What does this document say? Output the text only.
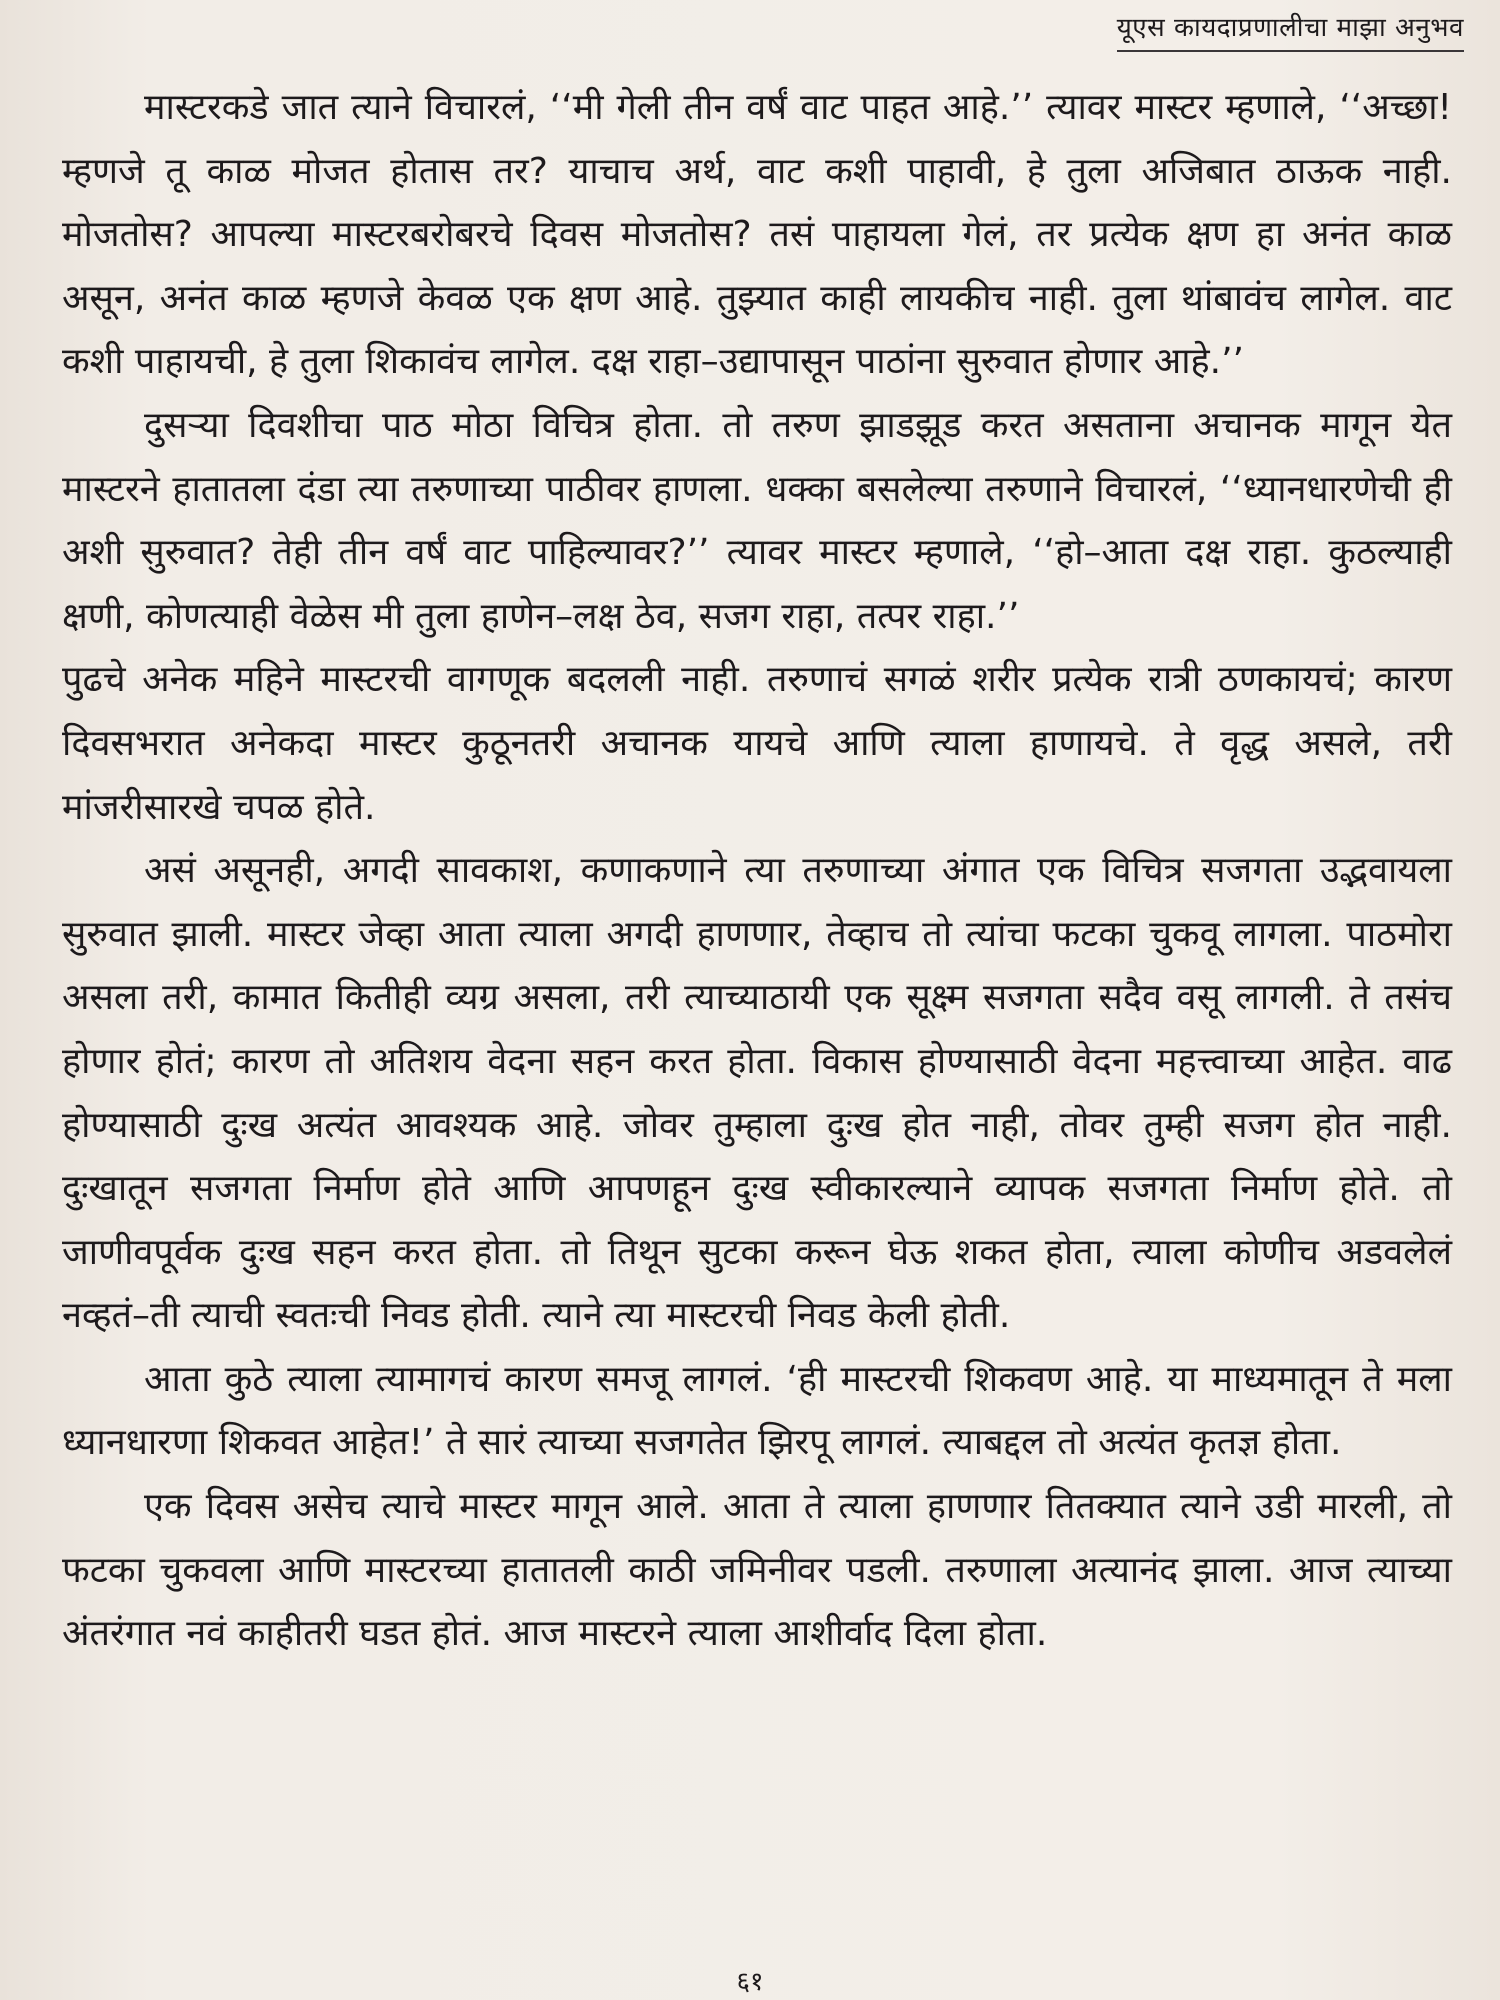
यूएस कायदाप्रणालीचा माझा अनुभव

मास्टरकडे जात त्याने विचारलं, ‘‘मी गेली तीन वर्षं वाट पाहत आहे.’’ त्यावर मास्टर म्हणाले, ‘‘अच्छा! म्हणजे तू काळ मोजत होतास तर? याचाच अर्थ, वाट कशी पाहावी, हे तुला अजिबात ठाऊक नाही. मोजतोस? आपल्या मास्टरबरोबरचे दिवस मोजतोस? तसं पाहायला गेलं, तर प्रत्येक क्षण हा अनंत काळ असून, अनंत काळ म्हणजे केवळ एक क्षण आहे. तुझ्यात काही लायकीच नाही. तुला थांबावंच लागेल. वाट कशी पाहायची, हे तुला शिकावंच लागेल. दक्ष राहा–उद्यापासून पाठांना सुरुवात होणार आहे.’’

दुसऱ्या दिवशीचा पाठ मोठा विचित्र होता. तो तरुण झाडझूड करत असताना अचानक मागून येत मास्टरने हातातला दंडा त्या तरुणाच्या पाठीवर हाणला. धक्का बसलेल्या तरुणाने विचारलं, ‘‘ध्यानधारणेची ही अशी सुरुवात? तेही तीन वर्षं वाट पाहिल्यावर?’’ त्यावर मास्टर म्हणाले, ‘‘हो–आता दक्ष राहा. कुठल्याही क्षणी, कोणत्याही वेळेस मी तुला हाणेन–लक्ष ठेव, सजग राहा, तत्पर राहा.’’

पुढचे अनेक महिने मास्टरची वागणूक बदलली नाही. तरुणाचं सगळं शरीर प्रत्येक रात्री ठणकायचं; कारण दिवसभरात अनेकदा मास्टर कुठूनतरी अचानक यायचे आणि त्याला हाणायचे. ते वृद्ध असले, तरी मांजरीसारखे चपळ होते.

असं असूनही, अगदी सावकाश, कणाकणाने त्या तरुणाच्या अंगात एक विचित्र सजगता उद्भवायला सुरुवात झाली. मास्टर जेव्हा आता त्याला अगदी हाणणार, तेव्हाच तो त्यांचा फटका चुकवू लागला. पाठमोरा असला तरी, कामात कितीही व्यग्र असला, तरी त्याच्याठायी एक सूक्ष्म सजगता सदैव वसू लागली. ते तसंच होणार होतं; कारण तो अतिशय वेदना सहन करत होता. विकास होण्यासाठी वेदना महत्त्वाच्या आहेत. वाढ होण्यासाठी दुःख अत्यंत आवश्यक आहे. जोवर तुम्हाला दुःख होत नाही, तोवर तुम्ही सजग होत नाही. दुःखातून सजगता निर्माण होते आणि आपणहून दुःख स्वीकारल्याने व्यापक सजगता निर्माण होते. तो जाणीवपूर्वक दुःख सहन करत होता. तो तिथून सुटका करून घेऊ शकत होता, त्याला कोणीच अडवलेलं नव्हतं–ती त्याची स्वतःची निवड होती. त्याने त्या मास्टरची निवड केली होती.

आता कुठे त्याला त्यामागचं कारण समजू लागलं. ‘ही मास्टरची शिकवण आहे. या माध्यमातून ते मला ध्यानधारणा शिकवत आहेत!’ ते सारं त्याच्या सजगतेत झिरपू लागलं. त्याबद्दल तो अत्यंत कृतज्ञ होता.

एक दिवस असेच त्याचे मास्टर मागून आले. आता ते त्याला हाणणार तितक्यात त्याने उडी मारली, तो फटका चुकवला आणि मास्टरच्या हातातली काठी जमिनीवर पडली. तरुणाला अत्यानंद झाला. आज त्याच्या अंतरंगात नवं काहीतरी घडत होतं. आज मास्टरने त्याला आशीर्वाद दिला होता.

६१
